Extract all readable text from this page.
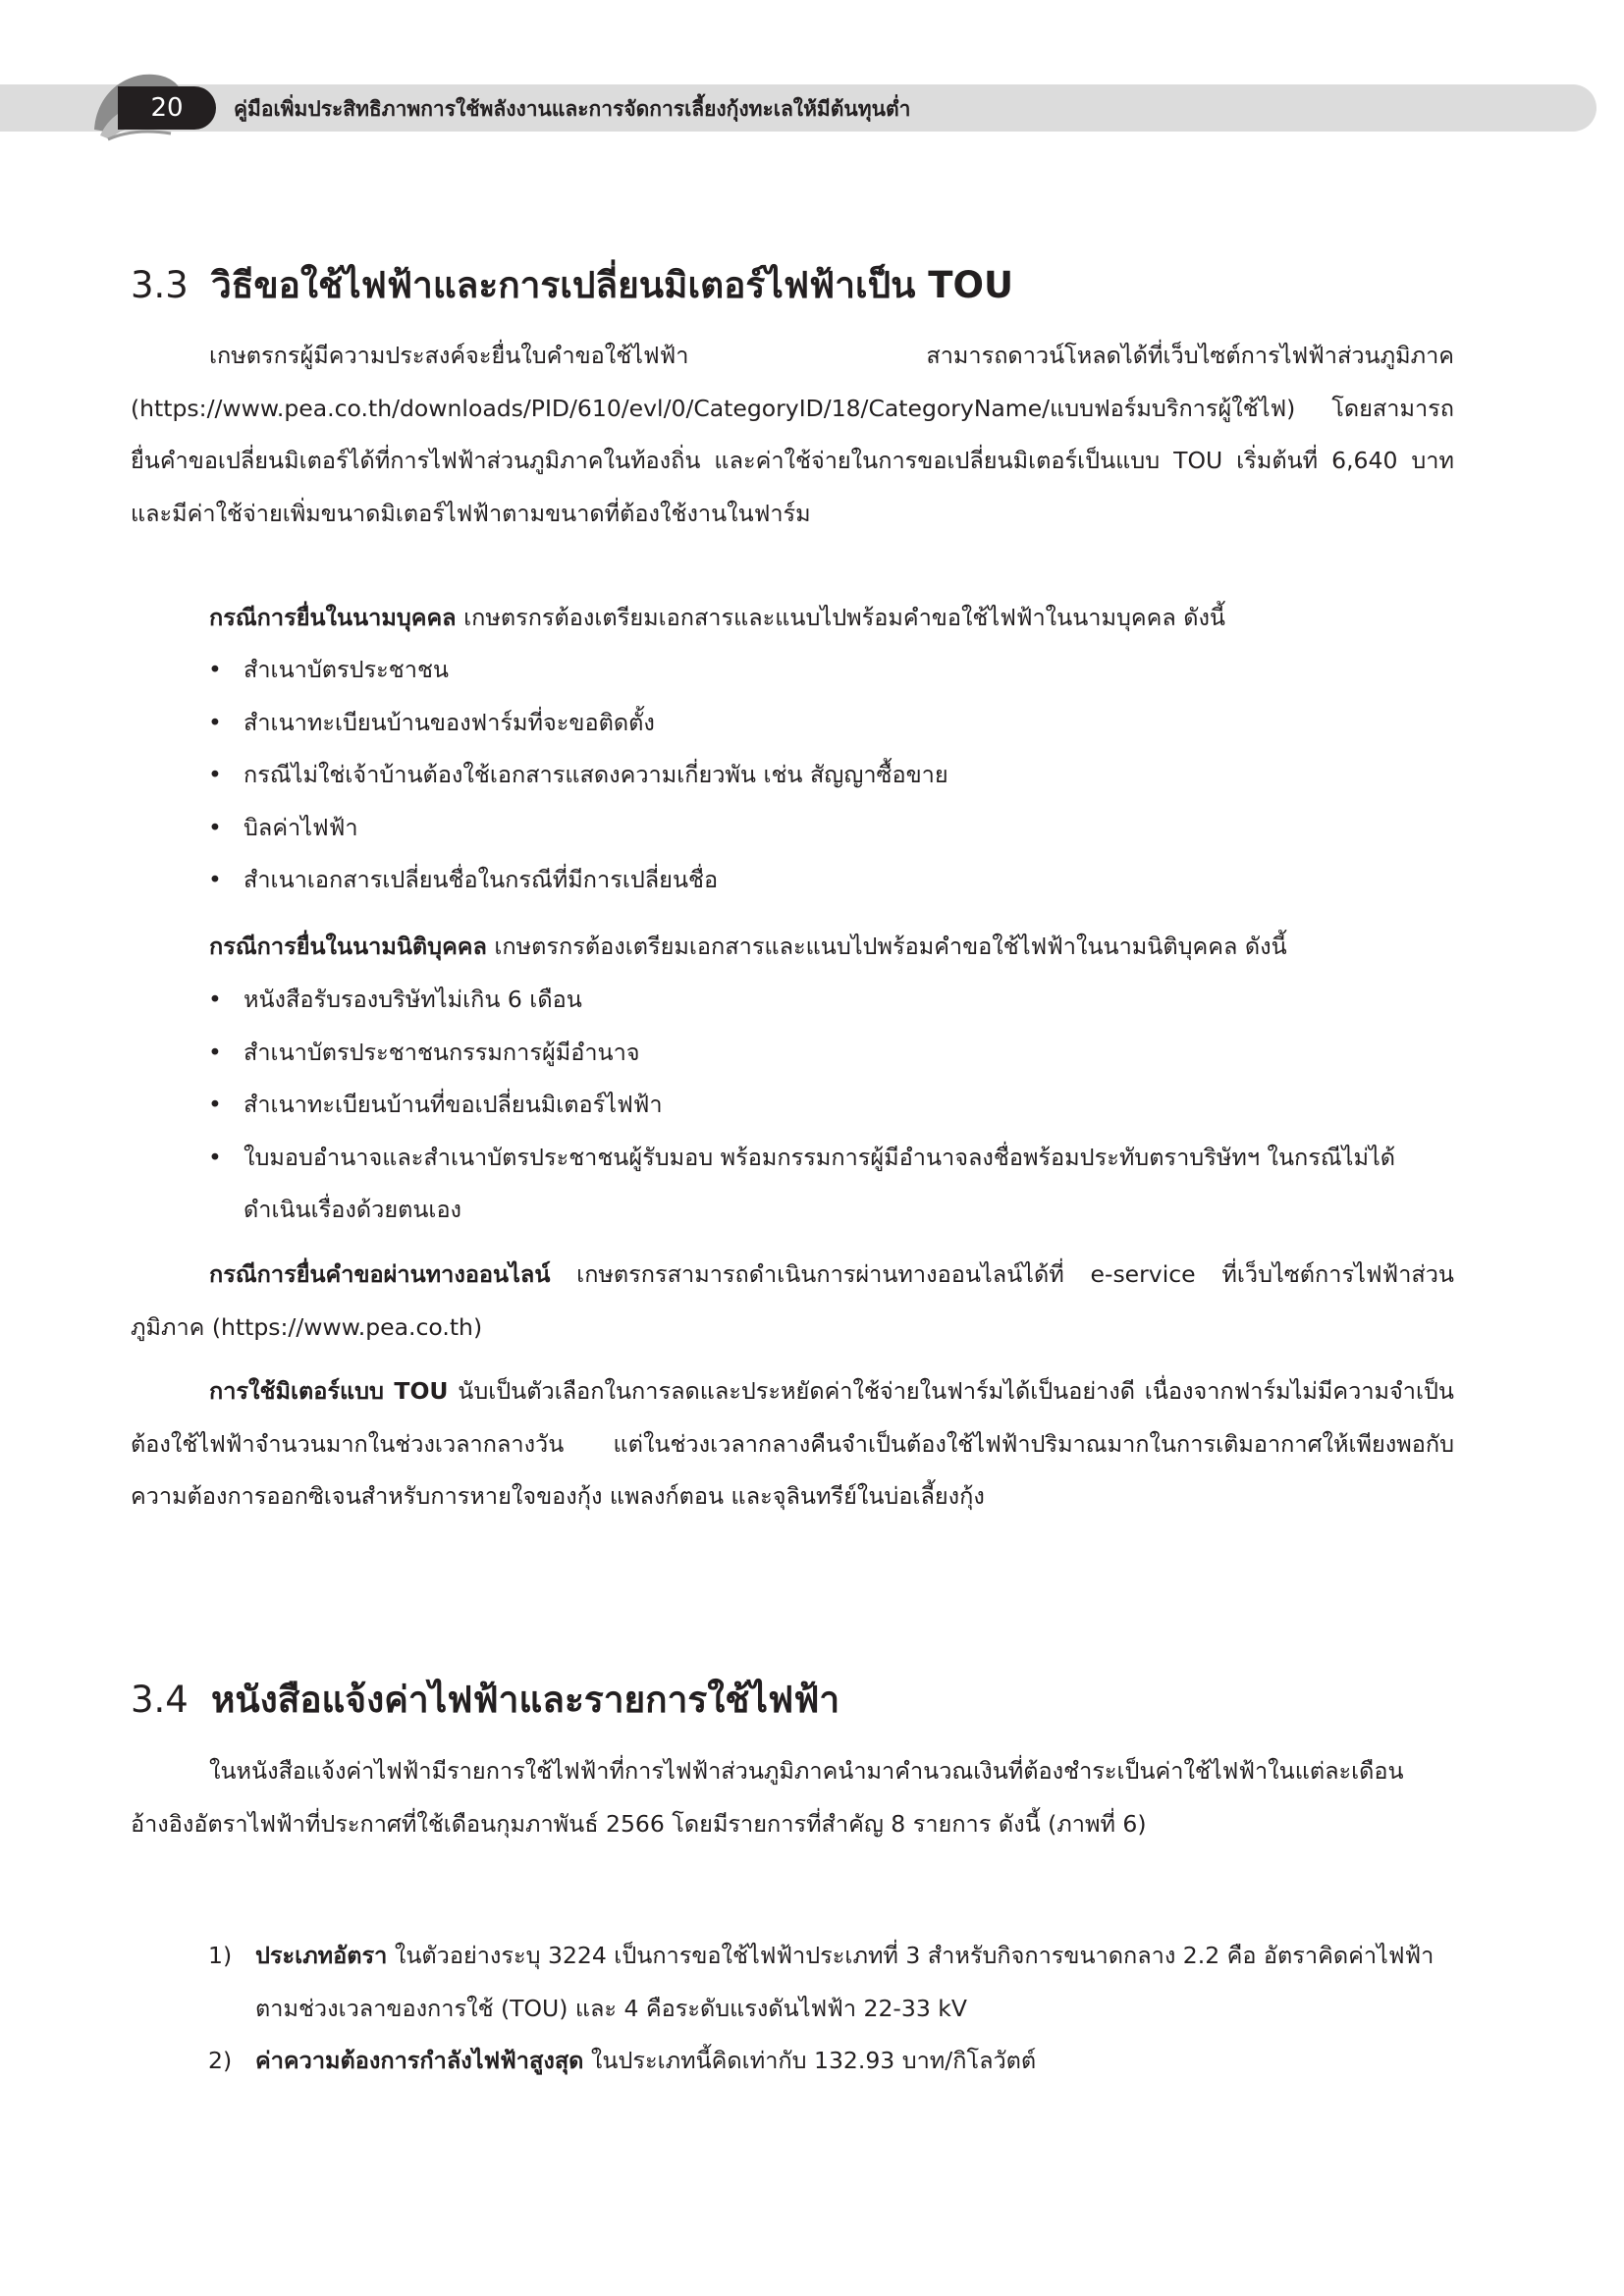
20	คู่มือเพิ่มประสิทธิภาพการใช้พลังงานและการจัดการเลี้ยงกุ้งทะเลให้มีต้นทุนต่ำ
3.3 วิธีขอใช้ไฟฟ้าและการเปลี่ยนมิเตอร์ไฟฟ้าเป็น TOU

เกษตรกรผู้มีความประสงค์จะยื่นใบคำขอใช้ไฟฟ้า สามารถดาวน์โหลดได้ที่เว็บไซต์การไฟฟ้าส่วนภูมิภาค (https://www.pea.co.th/downloads/PID/610/evl/0/CategoryID/18/CategoryName/แบบฟอร์มบริการผู้ใช้ไฟ) โดยสามารถยื่นคำขอเปลี่ยนมิเตอร์ได้ที่การไฟฟ้าส่วนภูมิภาคในท้องถิ่น และค่าใช้จ่ายในการขอเปลี่ยนมิเตอร์เป็นแบบ TOU เริ่มต้นที่ 6,640 บาท และมีค่าใช้จ่ายเพิ่มขนาดมิเตอร์ไฟฟ้าตามขนาดที่ต้องใช้งานในฟาร์ม

กรณีการยื่นในนามบุคคล เกษตรกรต้องเตรียมเอกสารและแนบไปพร้อมคำขอใช้ไฟฟ้าในนามบุคคล ดังนี้

• สำเนาบัตรประชาชน
• สำเนาทะเบียนบ้านของฟาร์มที่จะขอติดตั้ง
• กรณีไม่ใช่เจ้าบ้านต้องใช้เอกสารแสดงความเกี่ยวพัน เช่น สัญญาซื้อขาย
• บิลค่าไฟฟ้า
• สำเนาเอกสารเปลี่ยนชื่อในกรณีที่มีการเปลี่ยนชื่อ

กรณีการยื่นในนามนิติบุคคล เกษตรกรต้องเตรียมเอกสารและแนบไปพร้อมคำขอใช้ไฟฟ้าในนามนิติบุคคล ดังนี้

• หนังสือรับรองบริษัทไม่เกิน 6 เดือน
• สำเนาบัตรประชาชนกรรมการผู้มีอำนาจ
• สำเนาทะเบียนบ้านที่ขอเปลี่ยนมิเตอร์ไฟฟ้า
• ใบมอบอำนาจและสำเนาบัตรประชาชนผู้รับมอบ พร้อมกรรมการผู้มีอำนาจลงชื่อพร้อมประทับตราบริษัทฯ ในกรณีไม่ได้ดำเนินเรื่องด้วยตนเอง

กรณีการยื่นคำขอผ่านทางออนไลน์ เกษตรกรสามารถดำเนินการผ่านทางออนไลน์ได้ที่ e-service ที่เว็บไซต์การไฟฟ้าส่วนภูมิภาค (https://www.pea.co.th)

การใช้มิเตอร์แบบ TOU นับเป็นตัวเลือกในการลดและประหยัดค่าใช้จ่ายในฟาร์มได้เป็นอย่างดี เนื่องจากฟาร์มไม่มีความจำเป็นต้องใช้ไฟฟ้าจำนวนมากในช่วงเวลากลางวัน แต่ในช่วงเวลากลางคืนจำเป็นต้องใช้ไฟฟ้าปริมาณมากในการเติมอากาศให้เพียงพอกับความต้องการออกซิเจนสำหรับการหายใจของกุ้ง แพลงก์ตอน และจุลินทรีย์ในบ่อเลี้ยงกุ้ง

3.4 หนังสือแจ้งค่าไฟฟ้าและรายการใช้ไฟฟ้า

ในหนังสือแจ้งค่าไฟฟ้ามีรายการใช้ไฟฟ้าที่การไฟฟ้าส่วนภูมิภาคนำมาคำนวณเงินที่ต้องชำระเป็นค่าใช้ไฟฟ้าในแต่ละเดือน อ้างอิงอัตราไฟฟ้าที่ประกาศที่ใช้เดือนกุมภาพันธ์ 2566 โดยมีรายการที่สำคัญ 8 รายการ ดังนี้ (ภาพที่ 6)

1) ประเภทอัตรา ในตัวอย่างระบุ 3224 เป็นการขอใช้ไฟฟ้าประเภทที่ 3 สำหรับกิจการขนาดกลาง 2.2 คือ อัตราคิดค่าไฟฟ้าตามช่วงเวลาของการใช้ (TOU) และ 4 คือระดับแรงดันไฟฟ้า 22-33 kV
2) ค่าความต้องการกำลังไฟฟ้าสูงสุด ในประเภทนี้คิดเท่ากับ 132.93 บาท/กิโลวัตต์
